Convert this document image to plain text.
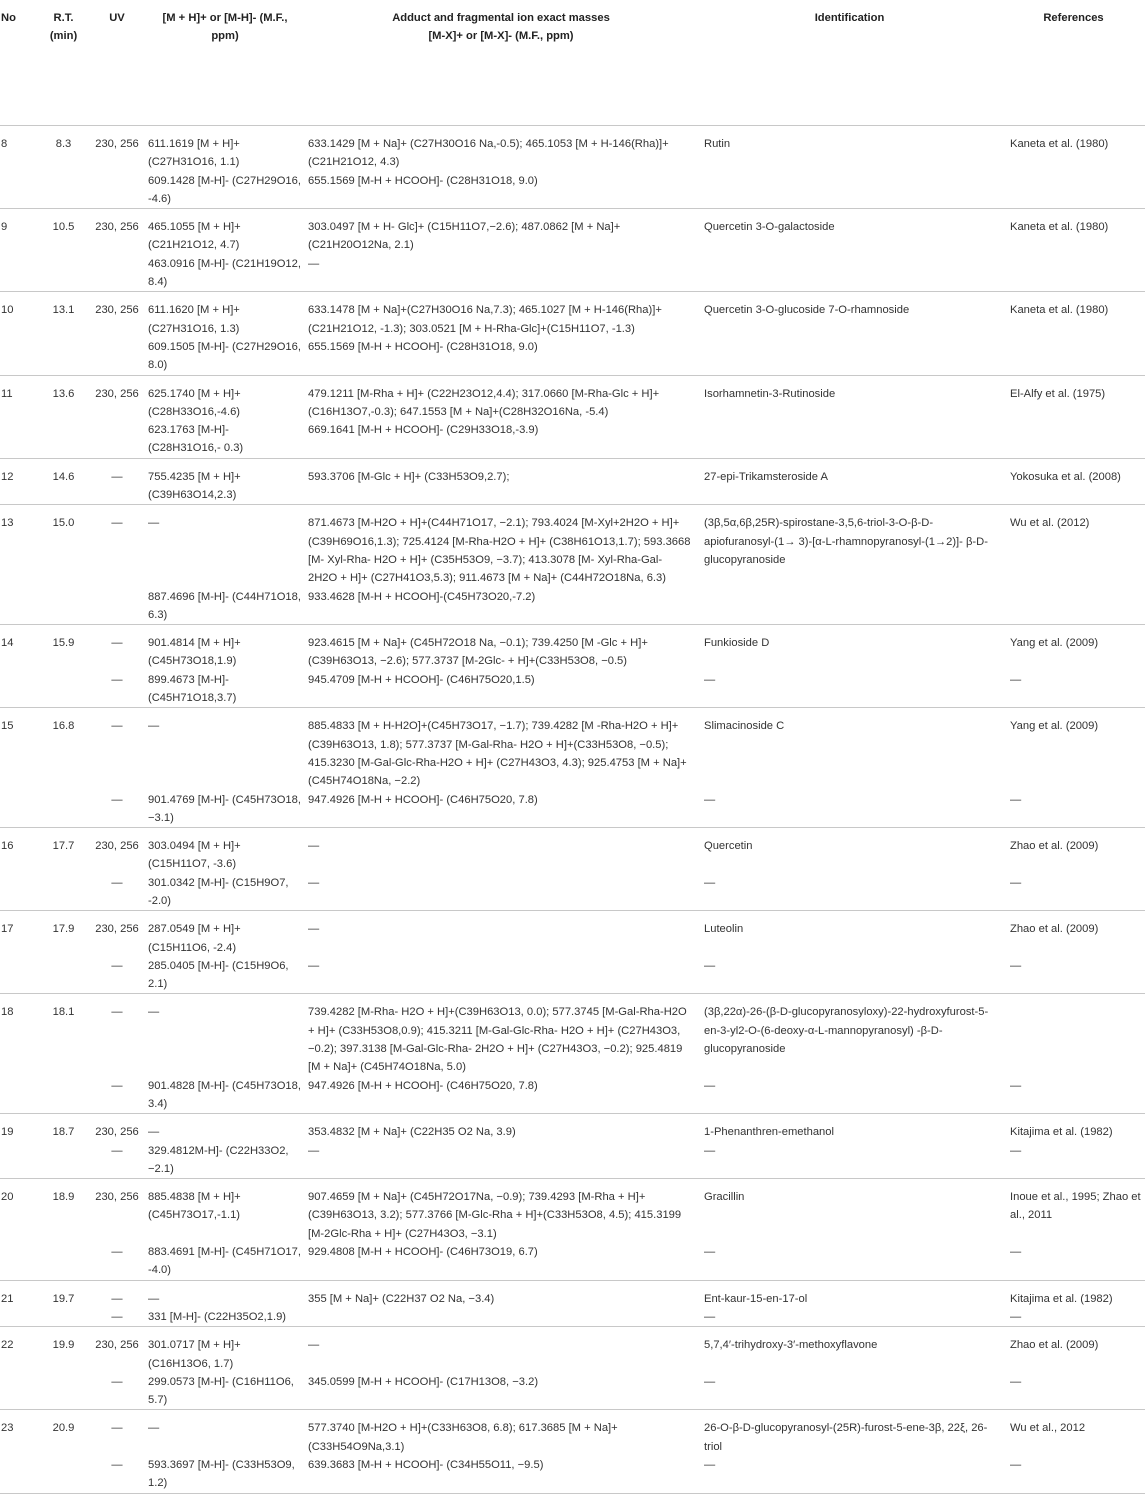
No	R.T. (min)	UV	[M + H]+ or [M-H]- (M.F., ppm)	Adduct and fragmental ion exact masses [M-X]+ or [M-X]- (M.F., ppm)	Identification	References
8	8.3	230, 256	611.1619 [M + H]+ (C27H31O16, 1.1)	633.1429 [M + Na]+ (C27H30O16 Na,-0.5); 465.1053 [M + H-146(Rha)]+ (C21H21O12, 4.3)	Rutin	Kaneta et al. (1980)
			609.1428 [M-H]- (C27H29O16, -4.6)	655.1569 [M-H + HCOOH]- (C28H31O18, 9.0)		
9	10.5	230, 256	465.1055 [M + H]+(C21H21O12, 4.7)	303.0497 [M + H- Glc]+ (C15H11O7,−2.6); 487.0862 [M + Na]+ (C21H20O12Na, 2.1)	Quercetin 3-O-galactoside	Kaneta et al. (1980)
			463.0916 [M-H]- (C21H19O12, 8.4)	—		
10	13.1	230, 256	611.1620 [M + H]+(C27H31O16, 1.3)	633.1478 [M + Na]+(C27H30O16 Na,7.3); 465.1027 [M + H-146(Rha)]+ (C21H21O12, -1.3); 303.0521 [M + H-Rha-Glc]+(C15H11O7, -1.3)	Quercetin 3-O-glucoside 7-O-rhamnoside	Kaneta et al. (1980)
			609.1505 [M-H]- (C27H29O16, 8.0)	655.1569 [M-H + HCOOH]- (C28H31O18, 9.0)		
11	13.6	230, 256	625.1740 [M + H]+ (C28H33O16,-4.6)	479.1211 [M-Rha + H]+ (C22H23O12,4.4); 317.0660 [M-Rha-Glc + H]+ (C16H13O7,-0.3); 647.1553 [M + Na]+(C28H32O16Na, -5.4)	Isorhamnetin-3-Rutinoside	El-Alfy et al. (1975)
			623.1763 [M-H]- (C28H31O16,- 0.3)	669.1641 [M-H + HCOOH]- (C29H33O18,-3.9)		
12	14.6	—	755.4235 [M + H]+(C39H63O14,2.3)	593.3706 [M-Glc + H]+ (C33H53O9,2.7);	27-epi-Trikamsteroside A	Yokosuka et al. (2008)
13	15.0	—	—	871.4673 [M-H2O + H]+(C44H71O17, −2.1); 793.4024 [M-Xyl+2H2O + H]+ (C39H69O16,1.3); 725.4124 [M-Rha-H2O + H]+ (C38H61O13,1.7); 593.3668 [M- Xyl-Rha- H2O + H]+ (C35H53O9, −3.7); 413.3078 [M- Xyl-Rha-Gal- 2H2O + H]+ (C27H41O3,5.3); 911.4673 [M + Na]+ (C44H72O18Na, 6.3)	(3β,5α,6β,25R)-spirostane-3,5,6-triol-3-O-β-D-apiofuranosyl-(1→ 3)-[α-L-rhamnopyranosyl-(1→2)]- β-D-glucopyranoside	Wu et al. (2012)
			887.4696 [M-H]- (C44H71O18, 6.3)	933.4628 [M-H + HCOOH]-(C45H73O20,-7.2)		
14	15.9	—	901.4814 [M + H]+(C45H73O18,1.9)	923.4615 [M + Na]+ (C45H72O18 Na, −0.1); 739.4250 [M -Glc + H]+(C39H63O13, −2.6); 577.3737 [M-2Glc- + H]+(C33H53O8, −0.5)	Funkioside D	Yang et al. (2009)
		—	899.4673 [M-H]- (C45H71O18,3.7)	945.4709 [M-H + HCOOH]- (C46H75O20,1.5)	—	—
15	16.8	—	—	885.4833 [M + H-H2O]+(C45H73O17, −1.7); 739.4282 [M -Rha-H2O + H]+(C39H63O13, 1.8); 577.3737 [M-Gal-Rha- H2O + H]+(C33H53O8, −0.5); 415.3230 [M-Gal-Glc-Rha-H2O + H]+ (C27H43O3, 4.3); 925.4753 [M + Na]+ (C45H74O18Na, −2.2)	Slimacinoside C	Yang et al. (2009)
		—	901.4769 [M-H]- (C45H73O18, −3.1)	947.4926 [M-H + HCOOH]- (C46H75O20, 7.8)	—	—
16	17.7	230, 256	303.0494 [M + H]+(C15H11O7, -3.6)	—	Quercetin	Zhao et al. (2009)
		—	301.0342 [M-H]- (C15H9O7, -2.0)	—	—	—
17	17.9	230, 256	287.0549 [M + H]+(C15H11O6, -2.4)	—	Luteolin	Zhao et al. (2009)
		—	285.0405 [M-H]- (C15H9O6, 2.1)	—	—	—
18	18.1	—	—	739.4282 [M-Rha- H2O + H]+(C39H63O13, 0.0); 577.3745 [M-Gal-Rha-H2O + H]+ (C33H53O8,0.9); 415.3211 [M-Gal-Glc-Rha- H2O + H]+ (C27H43O3, −0.2); 397.3138 [M-Gal-Glc-Rha- 2H2O + H]+ (C27H43O3, −0.2); 925.4819 [M + Na]+ (C45H74O18Na, 5.0)	(3β,22α)-26-(β-D-glucopyranosyloxy)-22-hydroxyfurost-5-en-3-yl2-O-(6-deoxy-α-L-mannopyranosyl) -β-D-glucopyranoside	
		—	901.4828 [M-H]- (C45H73O18, 3.4)	947.4926 [M-H + HCOOH]- (C46H75O20, 7.8)	—	—
19	18.7	230, 256	—	353.4832 [M + Na]+ (C22H35 O2 Na, 3.9)	1-Phenanthren-emethanol	Kitajima et al. (1982)
		—	329.4812M-H]- (C22H33O2, −2.1)	—	—	—
20	18.9	230, 256	885.4838 [M + H]+(C45H73O17,-1.1)	907.4659 [M + Na]+ (C45H72O17Na, −0.9); 739.4293 [M-Rha + H]+(C39H63O13, 3.2); 577.3766 [M-Glc-Rha + H]+(C33H53O8, 4.5); 415.3199 [M-2Glc-Rha + H]+ (C27H43O3, −3.1)	Gracillin	Inoue et al., 1995; Zhao et al., 2011
		—	883.4691 [M-H]- (C45H71O17, -4.0)	929.4808 [M-H + HCOOH]- (C46H73O19, 6.7)	—	—
21	19.7	—	—	355 [M + Na]+ (C22H37 O2 Na, −3.4)	Ent-kaur-15-en-17-ol	Kitajima et al. (1982)
		—	331 [M-H]- (C22H35O2,1.9)		—	—
22	19.9	230, 256	301.0717 [M + H]+ (C16H13O6, 1.7)	—	5,7,4′-trihydroxy-3′-methoxyflavone	Zhao et al. (2009)
		—	299.0573 [M-H]- (C16H11O6, 5.7)	345.0599 [M-H + HCOOH]- (C17H13O8, −3.2)	—	—
23	20.9	—	—	577.3740 [M-H2O + H]+(C33H63O8, 6.8); 617.3685 [M + Na]+ (C33H54O9Na,3.1)	26-O-β-D-glucopyranosyl-(25R)-furost-5-ene-3β, 22ξ, 26-triol	Wu et al., 2012
		—	593.3697 [M-H]- (C33H53O9, 1.2)	639.3683 [M-H + HCOOH]- (C34H55O11, −9.5)	—	—
